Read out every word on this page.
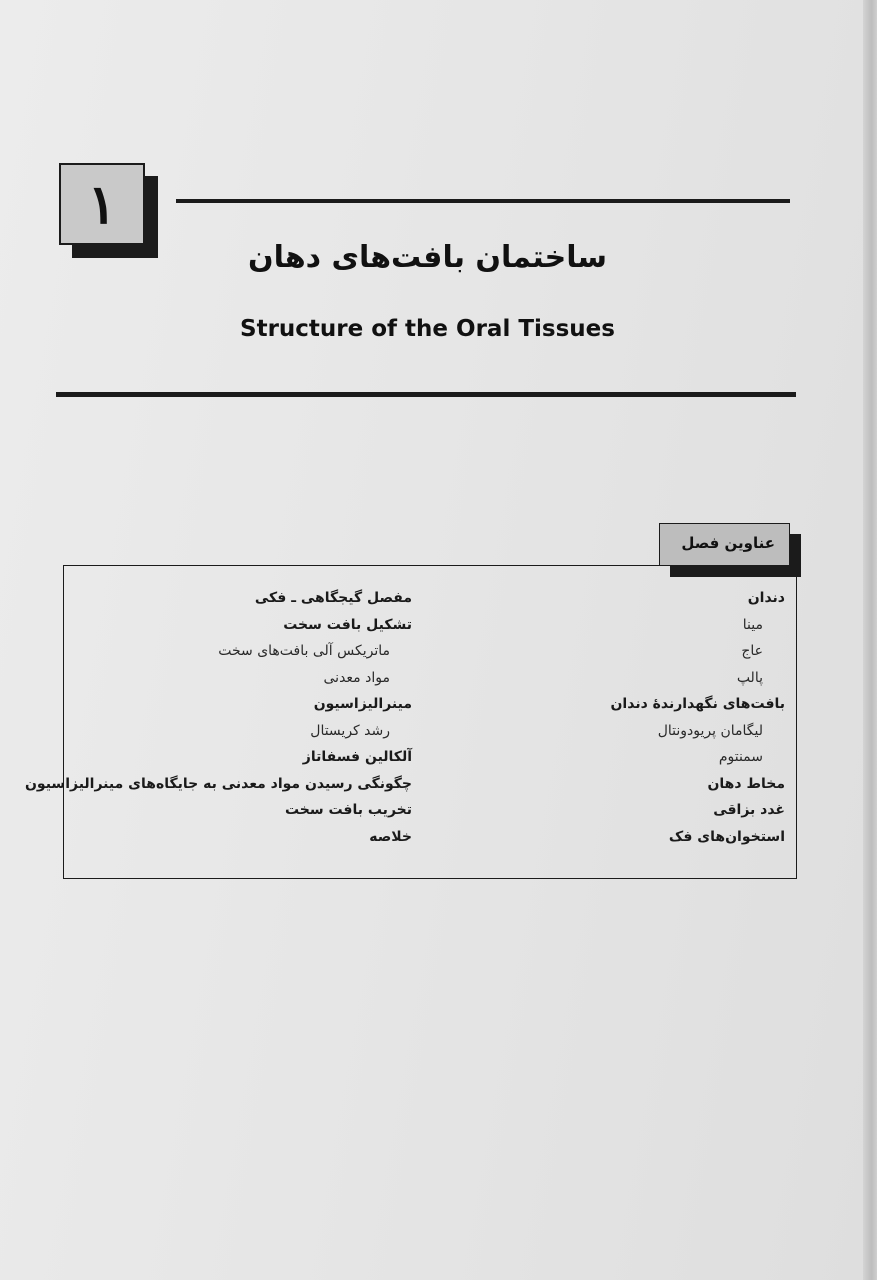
۱
ساختمان بافت‌های دهان
Structure of the Oral Tissues
عناوین فصل
دندان
مینا
عاج
پالپ
بافت‌های نگهدارندهٔ دندان
لیگامان پریودونتال
سمنتوم
مخاط دهان
غدد بزاقی
استخوان‌های فک
مفصل گیجگاهی ـ فکی
تشکیل بافت سخت
ماتریکس آلی بافت‌های سخت
مواد معدنی
مینرالیزاسیون
رشد کریستال
آلکالین فسفاتاز
چگونگی رسیدن مواد معدنی به جایگاه‌های مینرالیزاسیون
تخریب بافت سخت
خلاصه
